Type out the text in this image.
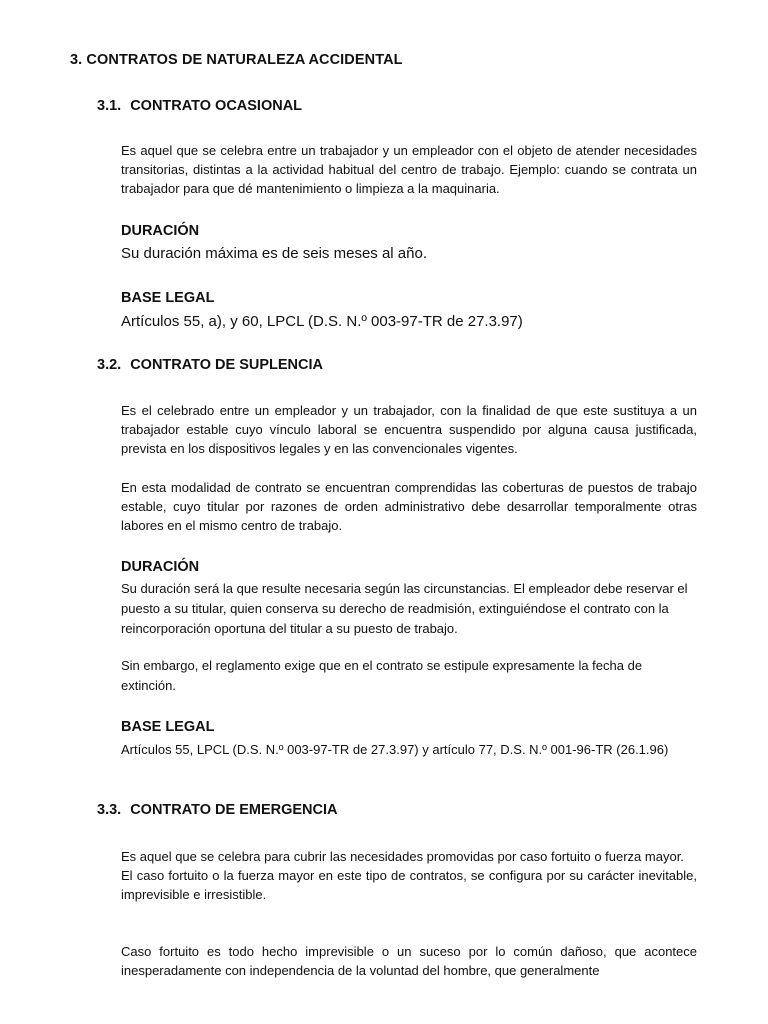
3. CONTRATOS DE NATURALEZA ACCIDENTAL
3.1. CONTRATO OCASIONAL
Es aquel que se celebra entre un trabajador y un empleador con el objeto de atender necesidades transitorias, distintas a la actividad habitual del centro de trabajo. Ejemplo: cuando se contrata un trabajador para que dé mantenimiento o limpieza a la maquinaria.
DURACIÓN
Su duración máxima es de seis meses al año.
BASE LEGAL
Artículos 55, a), y 60, LPCL (D.S. N.º 003-97-TR de 27.3.97)
3.2. CONTRATO DE SUPLENCIA
Es el celebrado entre un empleador y un trabajador, con la finalidad de que este sustituya a un trabajador estable cuyo vínculo laboral se encuentra suspendido por alguna causa justificada, prevista en los dispositivos legales y en las convencionales vigentes.
En esta modalidad de contrato se encuentran comprendidas las coberturas de puestos de trabajo estable, cuyo titular por razones de orden administrativo debe desarrollar temporalmente otras labores en el mismo centro de trabajo.
DURACIÓN
Su duración será la que resulte necesaria según las circunstancias. El empleador debe reservar el puesto a su titular, quien conserva su derecho de readmisión, extinguiéndose el contrato con la reincorporación oportuna del titular a su puesto de trabajo.
Sin embargo, el reglamento exige que en el contrato se estipule expresamente la fecha de extinción.
BASE LEGAL
Artículos 55, LPCL (D.S. N.º 003-97-TR de 27.3.97) y artículo 77, D.S. N.º 001-96-TR (26.1.96)
3.3. CONTRATO DE EMERGENCIA
Es aquel que se celebra para cubrir las necesidades promovidas por caso fortuito o fuerza mayor.
El caso fortuito o la fuerza mayor en este tipo de contratos, se configura por su carácter inevitable, imprevisible e irresistible.
Caso fortuito es todo hecho imprevisible o un suceso por lo común dañoso, que acontece inesperadamente con independencia de la voluntad del hombre, que generalmente
